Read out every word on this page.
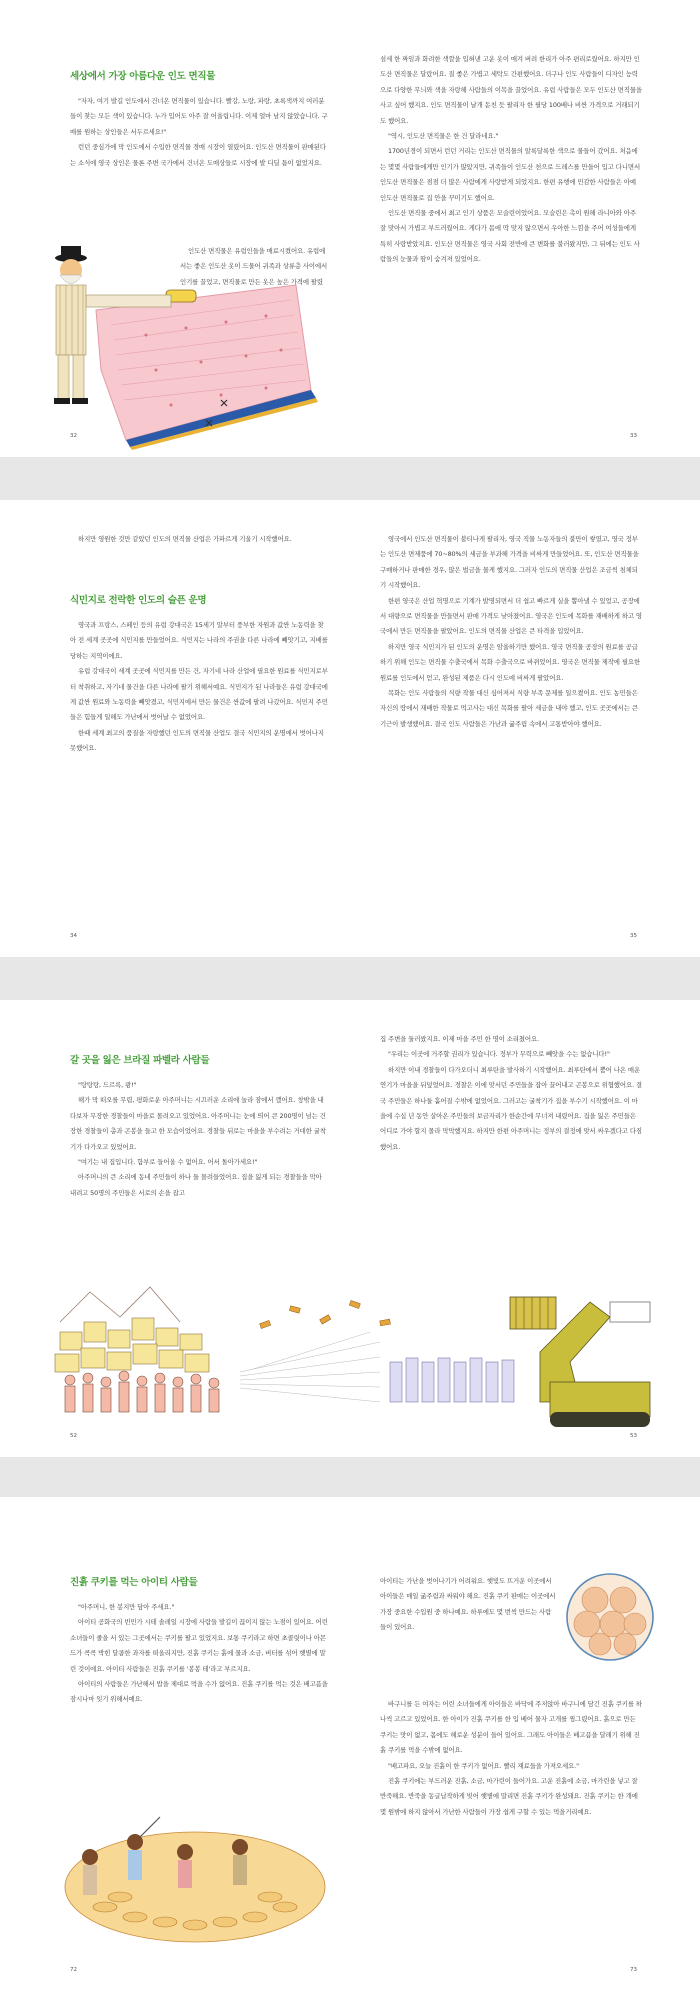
세상에서 가장 아름다운 인도 면직물

"자자, 여기 발길 인도에서 건너온 면직물이 있습니다. 빨강, 노랑, 파랑, 초록색까지 여러분들이 찾는 모든 색이 있습니다. 누가 입어도 아주 잘 어울립니다. 이제 얼마 남지 않았습니다. 구매를 원하는 상인들은 서두르세요!"

런던 중심가에 막 인도에서 수입한 면직물 경매 시장이 열렸어요. 인도산 면직물이 판매된다는 소식에 영국 상인은 물론 주변 국가에서 건너온 도매상들로 시장에 발 디딜 틈이 없었지요.

인도산 면직물은 유럽인들을 매료시켰어요. 유럽에서는 좋은 인도산 옷이 드물어 귀족과 상류층 사이에서 인기를 끌었고, 면직물로 만든 옷은 높은 가격에 팔렸

32

섬세 한 짜임과 화려한 색깔을 입혀낸 고운 옷이 매겨 버려 한리가 아주 편리로웠어요. 하지만 인도산 면직물은 달랐어요. 질 좋은 가볍고 세탁도 간편했어요. 더구나 인도 사람들이 디자인 능력으로 다양한 무늬와 색을 자랑해 사람들의 이목을 끌었어요. 유럽 사람들은 모두 인도산 면직물을 사고 싶어 했지요. 인도 면직물이 날개 돋친 듯 팔리자 한 필당 100배나 비싼 가격으로 거래되기도 했어요.

"역시, 인도산 면직물은 한 건 달라네요."

1700년경이 되면서 런던 거리는 인도산 면직물의 알록달록한 색으로 물들어 갔어요. 처음에는 몇몇 사람들에게만 인기가 많았지만, 귀족들이 인도산 천으로 드레스를 만들어 입고 다니면서 인도산 면직물은 점점 더 많은 사람에게 사랑받게 되었지요. 한편 유행에 민감한 사람들은 아예 인도산 면직물로 집 안을 꾸미기도 했어요.

인도산 면직물 중에서 최고 인기 상품은 모슬린이었어요. 모슬린은 촉이 원해 라니아와 아주 잘 맞아서 가볍고 부드러웠어요. 게다가 몸에 딱 맞지 않으면서 우아한 느낌을 주어 여성들에게 특히 사랑받았지요. 인도산 면직물은 영국 사회 전반에 큰 변화를 불러왔지만, 그 뒤에는 인도 사람들의 눈물과 땀이 숨겨져 있었어요.

33

하지만 영원한 것만 같았던 인도의 면직물 산업은 가파르게 기울기 시작했어요.

식민지로 전락한 인도의 슬픈 운명

영국과 프랑스, 스페인 등의 유럽 강대국은 15세기 말부터 풍부한 자원과 값싼 노동력을 찾아 전 세계 곳곳에 식민지를 만들었어요. 식민지는 나라의 주권을 다른 나라에 빼앗기고, 지배를 당하는 지역이에요.

유럽 강대국이 세계 곳곳에 식민지를 만든 건, 자기네 나라 산업에 필요한 원료를 식민지로부터 착취하고, 자기네 물건을 다른 나라에 팔기 위해서예요. 식민지가 된 나라들은 유럽 강대국에게 값싼 원료와 노동력을 빼앗겼고, 식민지에서 만든 물건은 싼값에 팔려 나갔어요. 식민지 주민들은 힘들게 일해도 가난에서 벗어날 수 없었어요.

한때 세계 최고의 품질을 자랑했던 인도의 면직물 산업도 결국 식민지의 운명에서 벗어나지 못했어요.

34

영국에서 인도산 면직물이 불티나게 팔리자, 영국 직물 노동자들의 불만이 쌓였고, 영국 정부는 인도산 면제품에 70~80%의 세금을 부과해 가격을 비싸게 만들었어요. 또, 인도산 면직물을 구매하거나 판매한 경우, 많은 벌금을 물게 했지요. 그러자 인도의 면직물 산업은 조금씩 침체되기 시작했어요.

한편 영국은 산업 혁명으로 기계가 발명되면서 더 쉽고 빠르게 실을 뽑아낼 수 있었고, 공장에서 대량으로 면직물을 만들면서 판매 가격도 낮아졌어요. 영국은 인도에 목화를 재배하게 하고 영국에서 만든 면직물을 팔았어요. 인도의 면직물 산업은 큰 타격을 입었어요.

하지만 영국 식민지가 된 인도의 운명은 암울하기만 했어요. 영국 면직물 공장의 원료를 공급하기 위해 인도는 면직물 수출국에서 목화 수출국으로 바뀌었어요. 영국은 면직물 제작에 필요한 원료를 인도에서 얻고, 완성된 제품은 다시 인도에 비싸게 팔았어요.

목화는 인도 사람들의 식량 작물 대신 심어져서 식량 부족 문제를 일으켰어요. 인도 농민들은 자신의 땅에서 재배한 작물로 먹고사는 대신 목화를 팔아 세금을 내야 했고, 인도 곳곳에서는 큰 기근이 발생했어요. 결국 인도 사람들은 가난과 굶주림 속에서 고통받아야 했어요.

35
갈 곳을 잃은 브라질 파벨라 사람들

"탕탕탕, 드르륵, 쾅!"

해가 막 떠오를 무렵, 평화로운 아주머니는 시끄러운 소리에 놀라 잠에서 깼어요. 창밖을 내다보자 무장한 경찰들이 마을로 몰려오고 있었어요. 아주머니는 눈에 띄어 큰 200명이 넘는 건장한 경찰들이 총과 곤봉을 들고 한 모습이었어요. 경찰들 뒤로는 마을을 부수려는 거대한 굴착기가 다가오고 있었어요.

"여기는 내 집입니다. 함부로 들어올 수 없어요. 어서 돌아가세요!"

아주머니의 큰 소리에 동네 주민들이 하나 둘 몰려들었어요. 집을 잃게 되는 경찰들을 막아 내려고 50명의 주민들은 서로의 손을 잡고

집 주변을 둘러쌌지요. 이제 마을 주민 한 명이 소리쳤어요.

"우리는 이곳에 거주할 권리가 있습니다. 정부가 무력으로 빼앗을 수는 없습니다!"

하지만 이내 경찰들이 다가오더니 최루탄을 발사하기 시작했어요. 최루탄에서 뿜어 나온 매운 연기가 마을을 뒤덮었어요. 경찰은 이에 맞서던 주민들을 잡아 끌어내고 곤봉으로 위협했어요. 결국 주민들은 하나둘 흩어질 수밖에 없었어요. 그러고는 굴착기가 집을 부수기 시작했어요. 이 마을에 수십 년 동안 살아온 주민들의 보금자리가 한순간에 무너져 내렸어요. 집을 잃은 주민들은 어디로 가야 할지 몰라 막막했지요. 하지만 한편 아주머니는 정부의 결정에 맞서 싸우겠다고 다짐했어요.

52	53
진흙 쿠키를 먹는 아이티 사람들

"아주머니, 한 봉지만 담아 주세요."

아이티 공화국의 빈민가 시테 솔레일 시장에 사람들 발길이 끊이지 않는 노점이 있어요. 어린 소녀들이 줄을 서 있는 그곳에서는 쿠키를 팔고 있었지요. 보통 쿠키라고 하면 초콜릿이나 아몬드가 콕콕 박힌 달콤한 과자를 떠올리지만, 진흙 쿠키는 흙에 물과 소금, 버터를 섞어 햇볕에 말린 것이에요. 아이티 사람들은 진흙 쿠키를 '봉봉 테'라고 부르지요.

아이티의 사람들은 가난해서 밥을 제대로 먹을 수가 없어요. 진흙 쿠키를 먹는 것은 배고픔을 잠시나마 잊기 위해서예요.

72

아이티는 가난을 벗어나기가 어려워요. 햇빛도 뜨거운 이곳에서 아이들은 매일 굶주림과 싸워야 해요. 진흙 쿠키 판매는 이곳에서 가장 중요한 수입원 중 하나예요. 하루에도 몇 번씩 만드는 사람들이 있어요.

바구니를 든 여자는 어린 소녀들에게 아이들은 바닥에 주저앉아 바구니에 담긴 진흙 쿠키를 하나씩 고르고 있었어요. 한 아이가 진흙 쿠키를 한 입 베어 물자 고개를 찡그렸어요. 흙으로 만든 쿠키는 맛이 없고, 몸에도 해로운 성분이 들어 있어요. 그래도 아이들은 배고픔을 달래기 위해 진흙 쿠키를 먹을 수밖에 없어요.

"배고파요, 오늘 진흙이 한 쿠키가 없어요. 빨리 재료들을 가져오세요."

진흙 쿠키에는 부드러운 진흙, 소금, 마가린이 들어가요. 고운 진흙에 소금, 마가린을 넣고 잘 반죽해요. 반죽을 동글납작하게 빚어 햇볕에 말리면 진흙 쿠키가 완성돼요. 진흙 쿠키는 한 개에 몇 원밖에 하지 않아서 가난한 사람들이 가장 쉽게 구할 수 있는 먹을거리예요.

73
